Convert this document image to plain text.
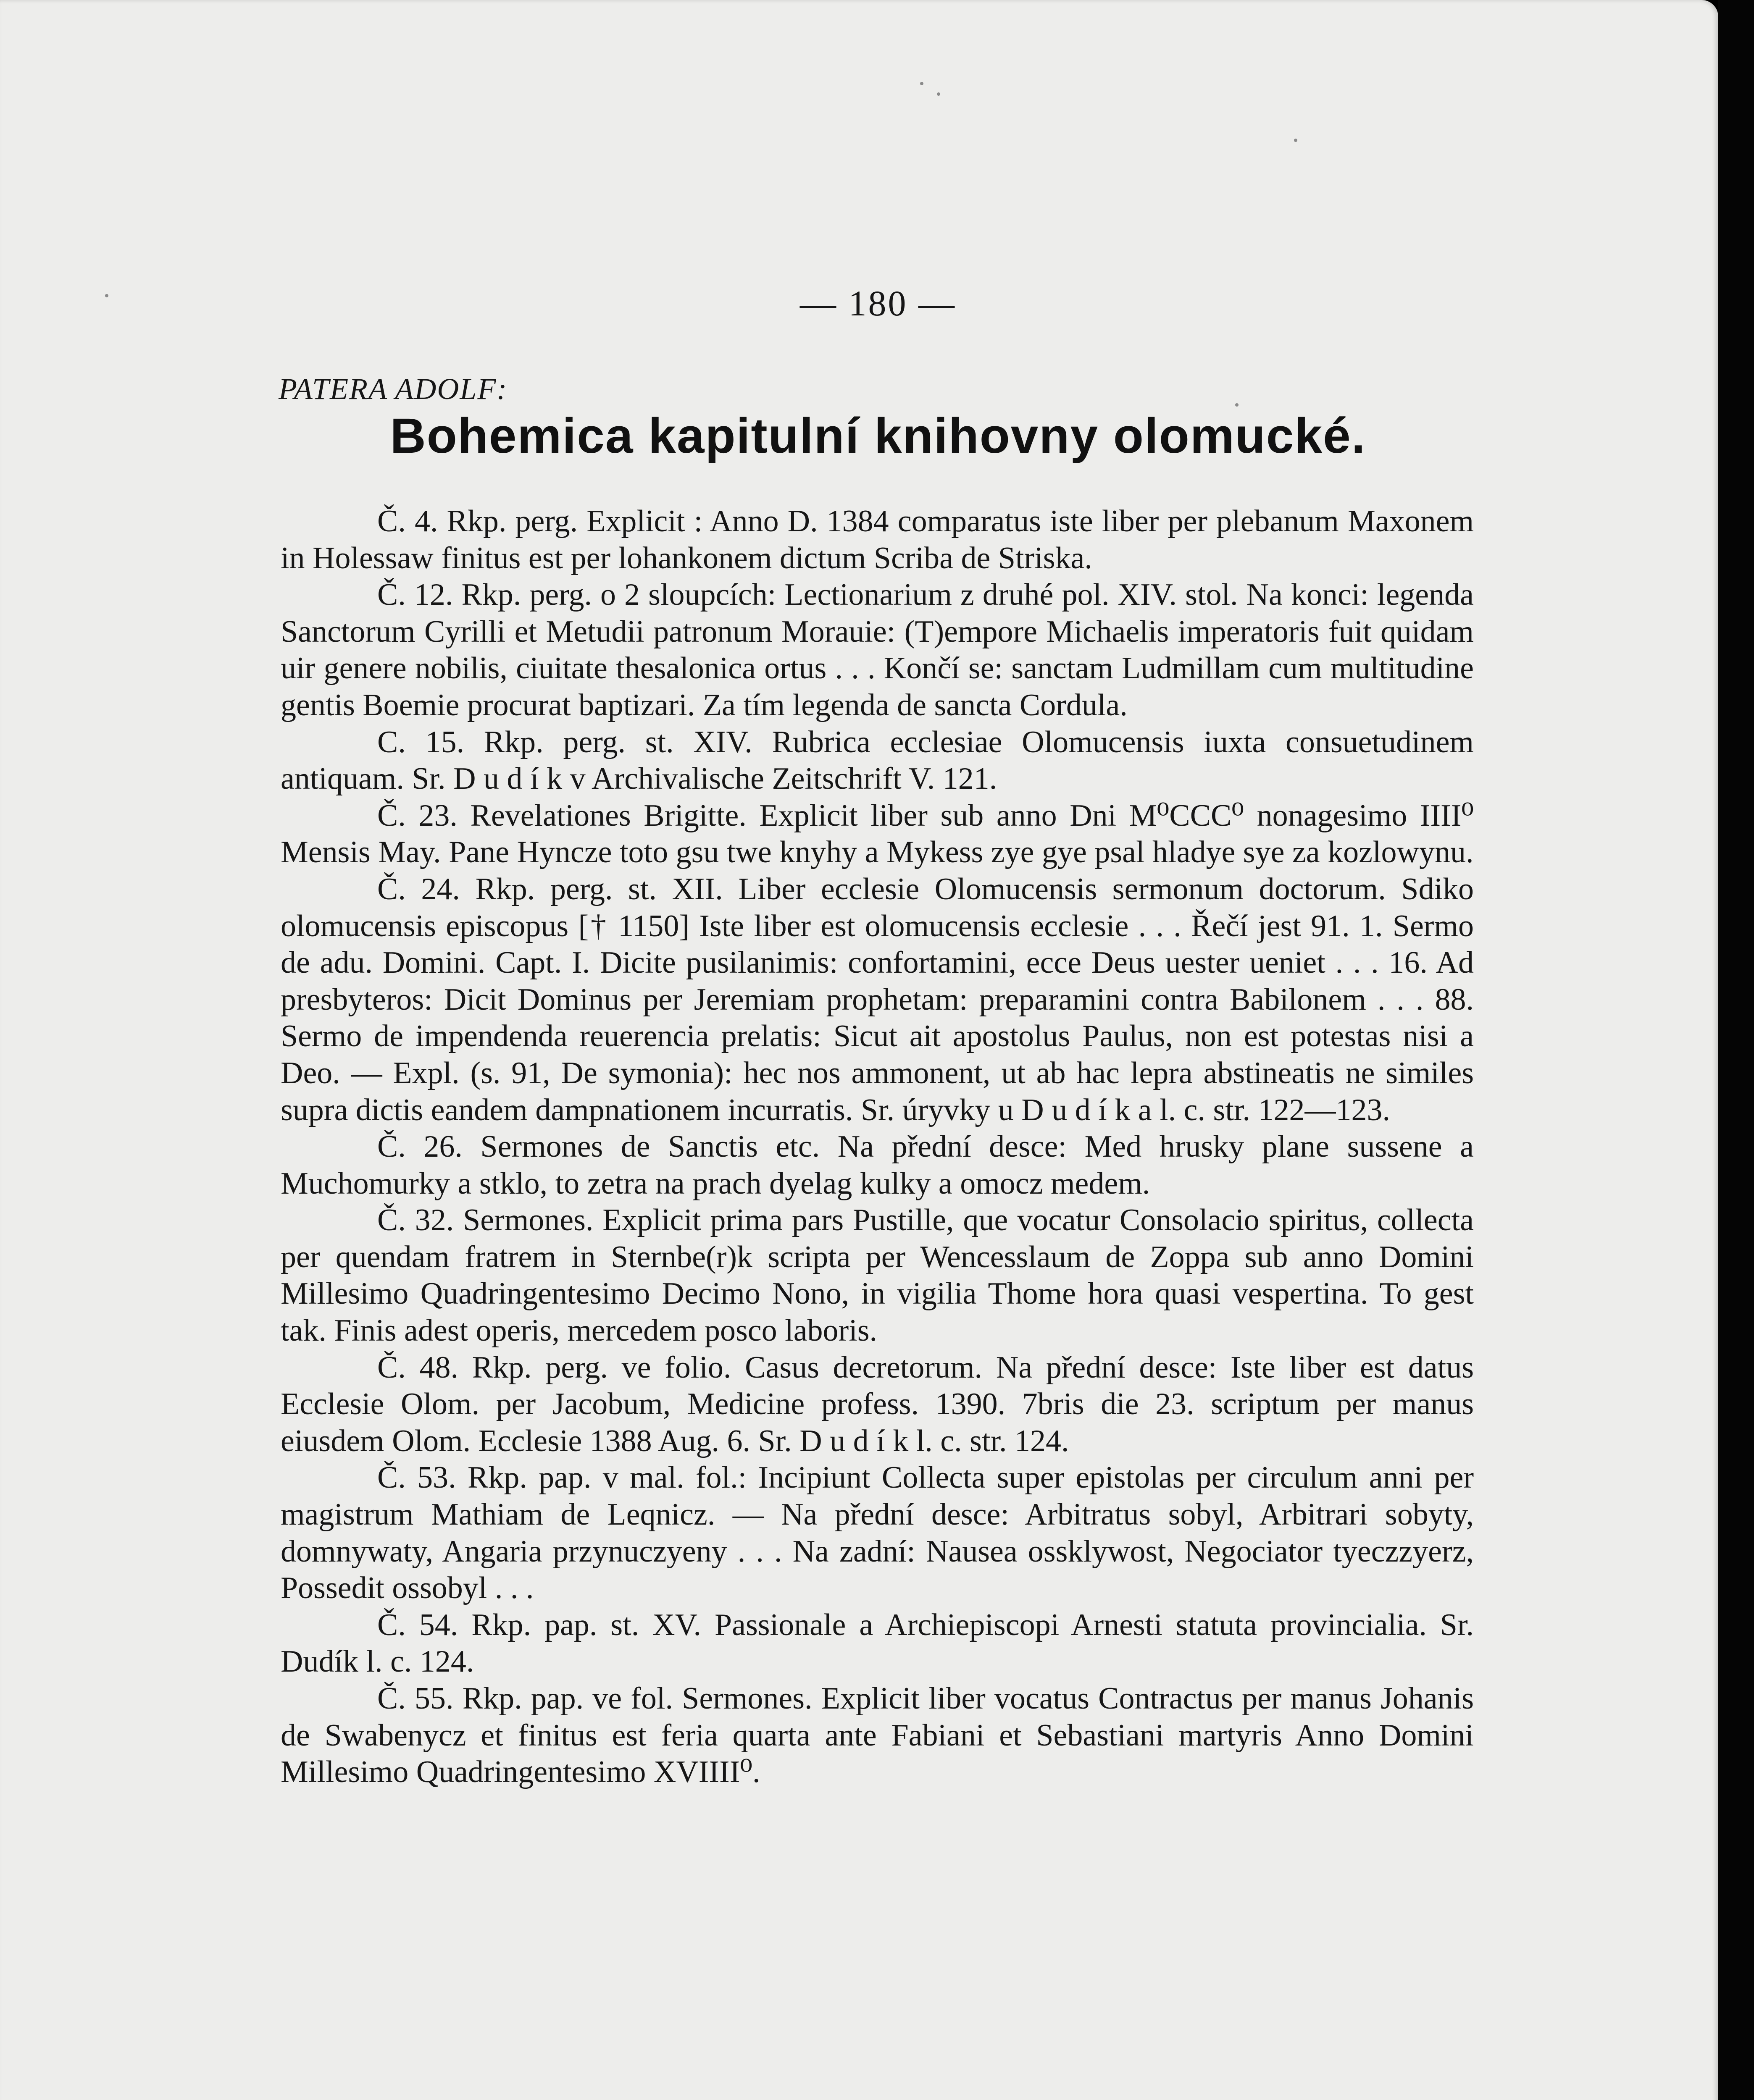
— 180 —
PATERA ADOLF:
Bohemica kapitulní knihovny olomucké.

Č. 4. Rkp. perg. Explicit : Anno D. 1384 comparatus iste liber per plebanum Maxonem in Holessaw finitus est per lohankonem dictum Scriba de Striska.

Č. 12. Rkp. perg. o 2 sloupcích: Lectionarium z druhé pol. XIV. stol. Na konci: legenda Sanctorum Cyrilli et Metudii patronum Morauie: (T)empore Michaelis imperatoris fuit quidam uir genere nobilis, ciuitate thesalonica ortus . . . Končí se: sanctam Ludmillam cum multitudine gentis Boemie procurat baptizari. Za tím legenda de sancta Cordula.

C. 15. Rkp. perg. st. XIV. Rubrica ecclesiae Olomucensis iuxta consuetudinem antiquam. Sr. D u d í k v Archivalische Zeitschrift V. 121.

Č. 23. Revelationes Brigitte. Explicit liber sub anno Dni M⁰CCC⁰ nonagesimo IIII⁰ Mensis May. Pane Hyncze toto gsu twe knyhy a Mykess zye gye psal hladye sye za kozlowynu.

Č. 24. Rkp. perg. st. XII. Liber ecclesie Olomucensis sermonum doctorum. Sdiko olomucensis episcopus [† 1150] Iste liber est olomucensis ecclesie . . . Řečí jest 91. 1. Sermo de adu. Domini. Capt. I. Dicite pusilanimis: confortamini, ecce Deus uester ueniet . . . 16. Ad presbyteros: Dicit Dominus per Jeremiam prophetam: preparamini contra Babilonem . . . 88. Sermo de impendenda reuerencia prelatis: Sicut ait apostolus Paulus, non est potestas nisi a Deo. — Expl. (s. 91, De symonia): hec nos ammonent, ut ab hac lepra abstineatis ne similes supra dictis eandem dampnationem incurratis. Sr. úryvky u D u d í k a l. c. str. 122—123.

Č. 26. Sermones de Sanctis etc. Na přední desce: Med hrusky plane sussene a Muchomurky a stklo, to zetra na prach dyelag kulky a omocz medem.

Č. 32. Sermones. Explicit prima pars Pustille, que vocatur Consolacio spiritus, collecta per quendam fratrem in Sternbe(r)k scripta per Wencesslaum de Zoppa sub anno Domini Millesimo Quadringentesimo Decimo Nono, in vigilia Thome hora quasi vespertina. To gest tak. Finis adest operis, mercedem posco laboris.

Č. 48. Rkp. perg. ve folio. Casus decretorum. Na přední desce: Iste liber est datus Ecclesie Olom. per Jacobum, Medicine profess. 1390. 7bris die 23. scriptum per manus eiusdem Olom. Ecclesie 1388 Aug. 6. Sr. D u d í k l. c. str. 124.

Č. 53. Rkp. pap. v mal. fol.: Incipiunt Collecta super epistolas per circulum anni per magistrum Mathiam de Leqnicz. — Na přední desce: Arbitratus sobyl, Arbitrari sobyty, domnywaty, Angaria przynuczyeny . . . Na zadní: Nausea ossklywost, Negociator tyeczzyerz, Possedit ossobyl . . .

Č. 54. Rkp. pap. st. XV. Passionale a Archiepiscopi Arnesti statuta provincialia. Sr. Dudík l. c. 124.

Č. 55. Rkp. pap. ve fol. Sermones. Explicit liber vocatus Contractus per manus Johanis de Swabenycz et finitus est feria quarta ante Fabiani et Sebastiani martyris Anno Domini Millesimo Quadringentesimo XVIIII⁰.
